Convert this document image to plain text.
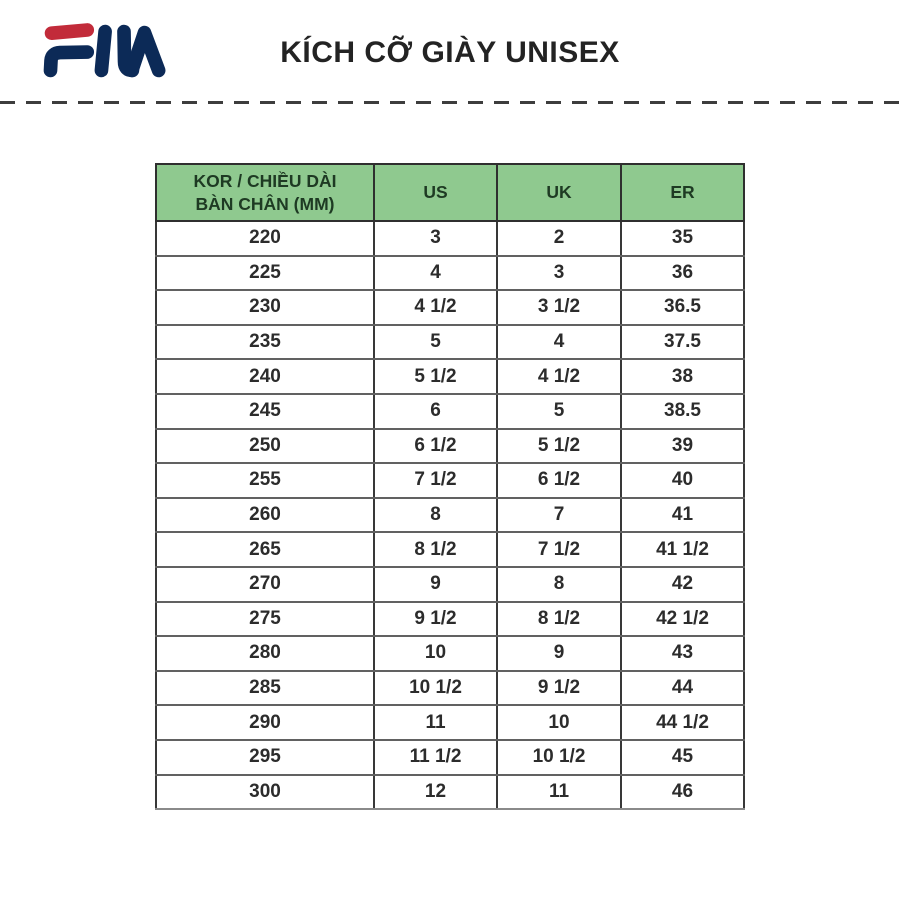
KÍCH CỠ GIÀY UNISEX
KOR / CHIỀU DÀI
BÀN CHÂN (MM)	US	UK	ER
220	3	2	35
225	4	3	36
230	4 1/2	3 1/2	36.5
235	5	4	37.5
240	5 1/2	4 1/2	38
245	6	5	38.5
250	6 1/2	5 1/2	39
255	7 1/2	6 1/2	40
260	8	7	41
265	8 1/2	7 1/2	41 1/2
270	9	8	42
275	9 1/2	8 1/2	42 1/2
280	10	9	43
285	10 1/2	9 1/2	44
290	11	10	44 1/2
295	11 1/2	10 1/2	45
300	12	11	46
